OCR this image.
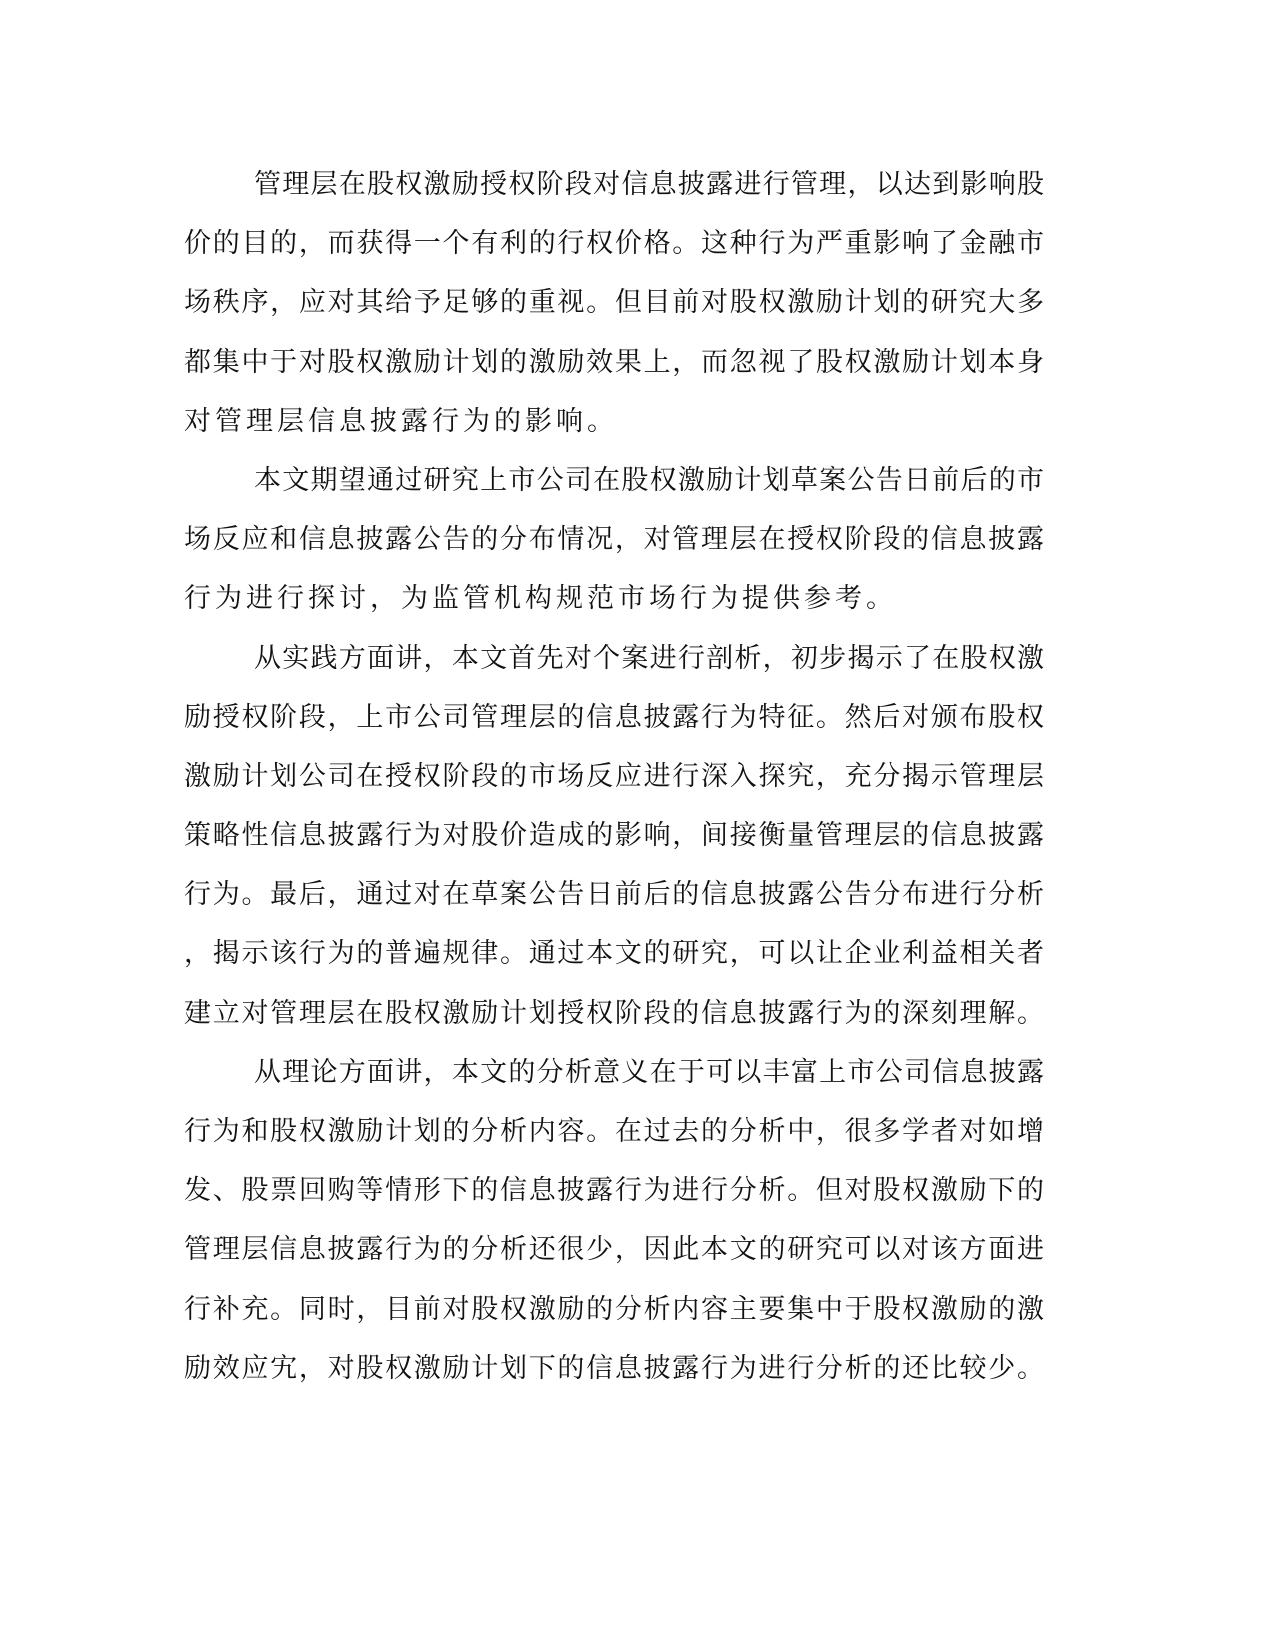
管理层在股权激励授权阶段对信息披露进行管理，以达到影响股
价的目的，而获得一个有利的行权价格。这种行为严重影响了金融市
场秩序，应对其给予足够的重视。但目前对股权激励计划的研究大多
都集中于对股权激励计划的激励效果上，而忽视了股权激励计划本身
对管理层信息披露行为的影响。
本文期望通过研究上市公司在股权激励计划草案公告日前后的市
场反应和信息披露公告的分布情况，对管理层在授权阶段的信息披露
行为进行探讨，为监管机构规范市场行为提供参考。
从实践方面讲，本文首先对个案进行剖析，初步揭示了在股权激
励授权阶段，上市公司管理层的信息披露行为特征。然后对颁布股权
激励计划公司在授权阶段的市场反应进行深入探究，充分揭示管理层
策略性信息披露行为对股价造成的影响，间接衡量管理层的信息披露
行为。最后，通过对在草案公告日前后的信息披露公告分布进行分析
，揭示该行为的普遍规律。通过本文的研究，可以让企业利益相关者
建立对管理层在股权激励计划授权阶段的信息披露行为的深刻理解。
从理论方面讲，本文的分析意义在于可以丰富上市公司信息披露
行为和股权激励计划的分析内容。在过去的分析中，很多学者对如增
发、股票回购等情形下的信息披露行为进行分析。但对股权激励下的
管理层信息披露行为的分析还很少，因此本文的研究可以对该方面进
行补充。同时，目前对股权激励的分析内容主要集中于股权激励的激
励效应宄，对股权激励计划下的信息披露行为进行分析的还比较少。
